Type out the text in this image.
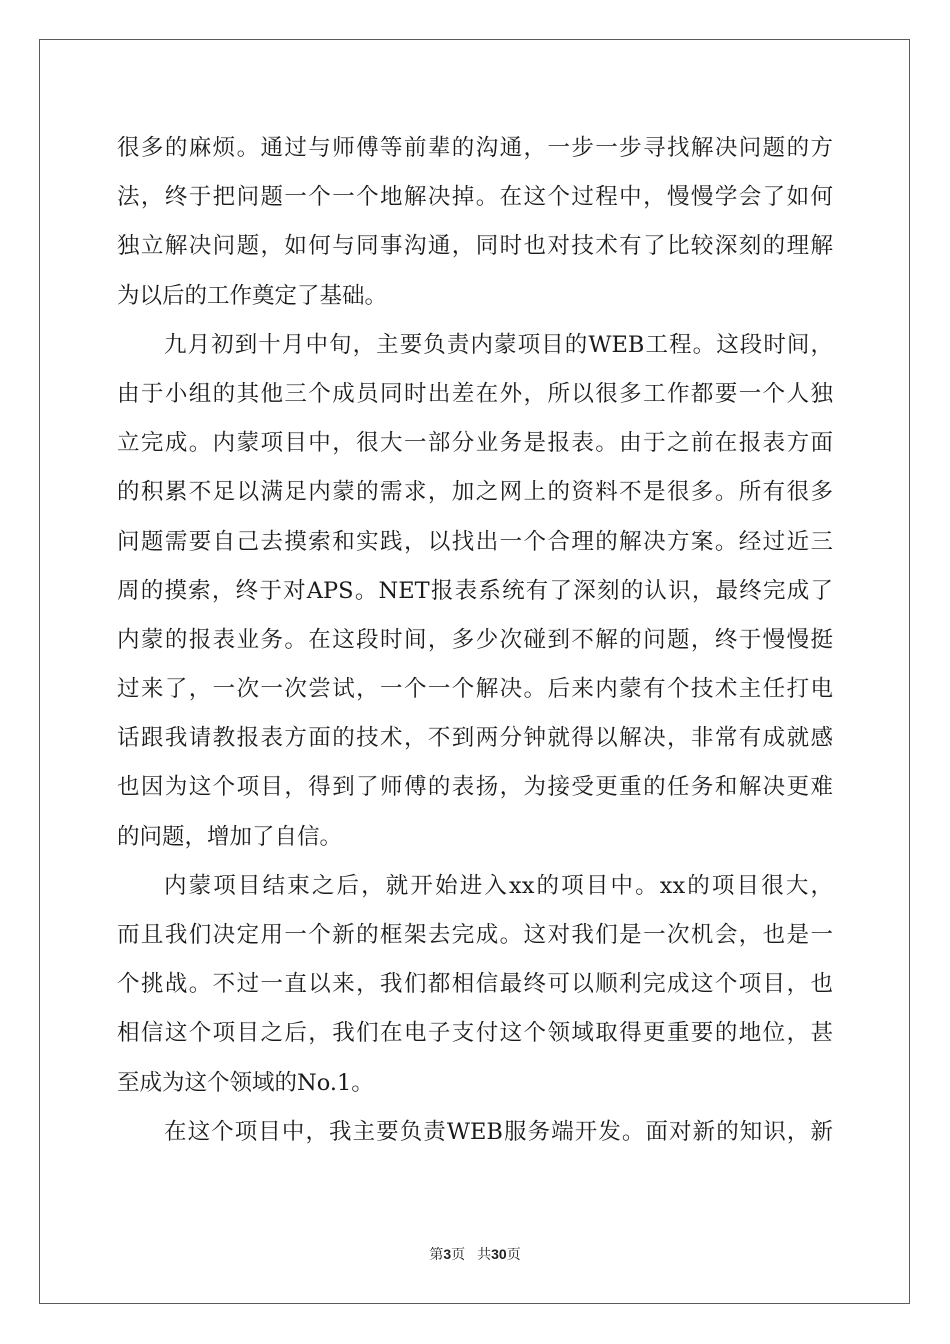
很多的麻烦。通过与师傅等前辈的沟通，一步一步寻找解决问题的方
法，终于把问题一个一个地解决掉。在这个过程中，慢慢学会了如何
独立解决问题，如何与同事沟通，同时也对技术有了比较深刻的理解
为以后的工作奠定了基础。
九月初到十月中旬，主要负责内蒙项目的WEB工程。这段时间，
由于小组的其他三个成员同时出差在外，所以很多工作都要一个人独
立完成。内蒙项目中，很大一部分业务是报表。由于之前在报表方面
的积累不足以满足内蒙的需求，加之网上的资料不是很多。所有很多
问题需要自己去摸索和实践，以找出一个合理的解决方案。经过近三
周的摸索，终于对APS。NET报表系统有了深刻的认识，最终完成了
内蒙的报表业务。在这段时间，多少次碰到不解的问题，终于慢慢挺
过来了，一次一次尝试，一个一个解决。后来内蒙有个技术主任打电
话跟我请教报表方面的技术，不到两分钟就得以解决，非常有成就感
也因为这个项目，得到了师傅的表扬，为接受更重的任务和解决更难
的问题，增加了自信。
内蒙项目结束之后，就开始进入xx的项目中。xx的项目很大，
而且我们决定用一个新的框架去完成。这对我们是一次机会，也是一
个挑战。不过一直以来，我们都相信最终可以顺利完成这个项目，也
相信这个项目之后，我们在电子支付这个领域取得更重要的地位，甚
至成为这个领域的No.1。
在这个项目中，我主要负责WEB服务端开发。面对新的知识，新
第3页 共30页
